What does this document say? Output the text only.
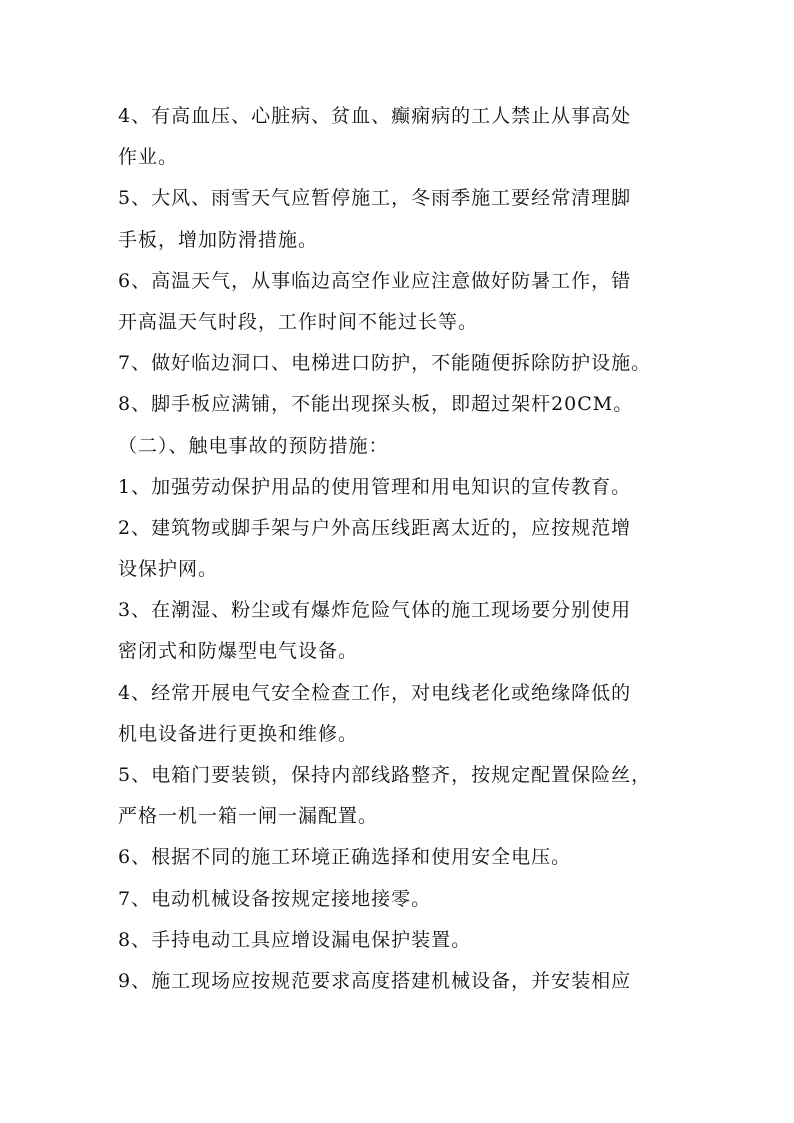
4、有高血压、心脏病、贫血、癫痫病的工人禁止从事高处
作业。
5、大风、雨雪天气应暂停施工，冬雨季施工要经常清理脚
手板，增加防滑措施。
6、高温天气，从事临边高空作业应注意做好防暑工作，错
开高温天气时段，工作时间不能过长等。
7、做好临边洞口、电梯进口防护，不能随便拆除防护设施。
8、脚手板应满铺，不能出现探头板，即超过架杆20CM。
（二）、触电事故的预防措施：
1、加强劳动保护用品的使用管理和用电知识的宣传教育。
2、建筑物或脚手架与户外高压线距离太近的，应按规范增
设保护网。
3、在潮湿、粉尘或有爆炸危险气体的施工现场要分别使用
密闭式和防爆型电气设备。
4、经常开展电气安全检查工作，对电线老化或绝缘降低的
机电设备进行更换和维修。
5、电箱门要装锁，保持内部线路整齐，按规定配置保险丝，
严格一机一箱一闸一漏配置。
6、根据不同的施工环境正确选择和使用安全电压。
7、电动机械设备按规定接地接零。
8、手持电动工具应增设漏电保护装置。
9、施工现场应按规范要求高度搭建机械设备，并安装相应
